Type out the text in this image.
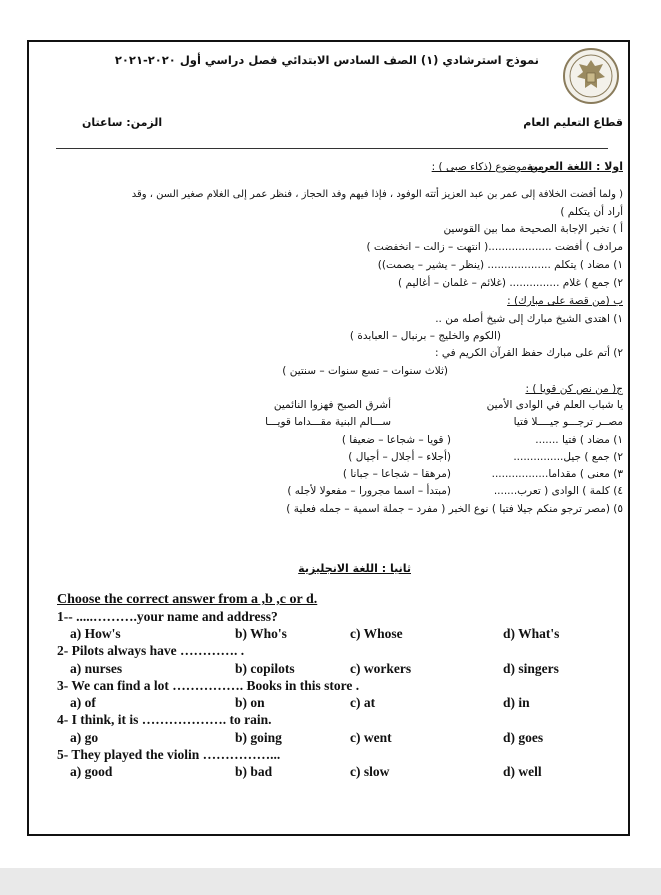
نموذج استرشادي (١) الصف السادس الابتدائي فصل دراسي أول ٢٠٢٠-٢٠٢١
قطاع التعليم العام
الزمن: ساعتان
اولا : اللغة العربية
من موضوع (ذكاء صبى ) :
( ولما أفضت الخلافة إلى عمر بن عبد العزيز أتته الوفود ، فإذا فيهم وفد الحجاز ، فنظر عمر إلى الغلام صغير السن ، وقد
أراد أن يتكلم )
أ ) تخير الإجابة الصحيحة مما بين القوسين
مرادف ) أفضت ...................( انتهت – زالت – انخفضت )
١) مضاد ) يتكلم ................... (ينظر – يشير – يصمت))
٢) جمع ) غلام ............... (غلائم – غلمان – أغاليم )
ب (من قصة على مبارك) :
١) اهتدى الشيخ مبارك إلى شيخ أصله من ..
(الكوم والخليج – برنبال – العبابدة )
٢) أتم على مبارك حفظ القرآن الكريم في :
(ثلاث سنوات – تسع سنوات – سنتين )
ج( من نص كن قويا ) :
يا شباب العلم في الوادى الأمين
أشرق الصبح فهزوا النائمين
مصــر ترجـــو جيــــلا فتيا
ســـالم البنية مقـــداما قويـــا
١) مضاد ) فتيا .......
( قويا – شجاعا – ضعيفا )
٢) جمع ) جيل...............
(أجلاء – أجلال – أجيال )
٣) معنى ) مقداما.................
(مرهقا – شجاعا – جبانا )
٤) كلمة ) الوادى ( تعرب.......
(مبتدأ – اسما مجرورا – مفعولا لأجله )
٥) (مصر ترجو منكم جيلا فتيا ) نوع الخبر ( مفرد – جملة اسمية – جمله فعلية )
ثانيا : اللغة الانجليزية
Choose the correct answer from a ,b ,c or d.
1-- .....……….your name and address?
a) How's	b) Who's	c) Whose	d) What's
2- Pilots always have …………. .
a) nurses	b) copilots	c) workers	d) singers
3- We can find a lot ……………. Books in this store .
a) of	b) on	c) at	d) in
4- I think, it is ………………. to rain.
a) go	b) going	c) went	d) goes
5- They played the violin ……………...
a) good	b) bad	c) slow	d) well
